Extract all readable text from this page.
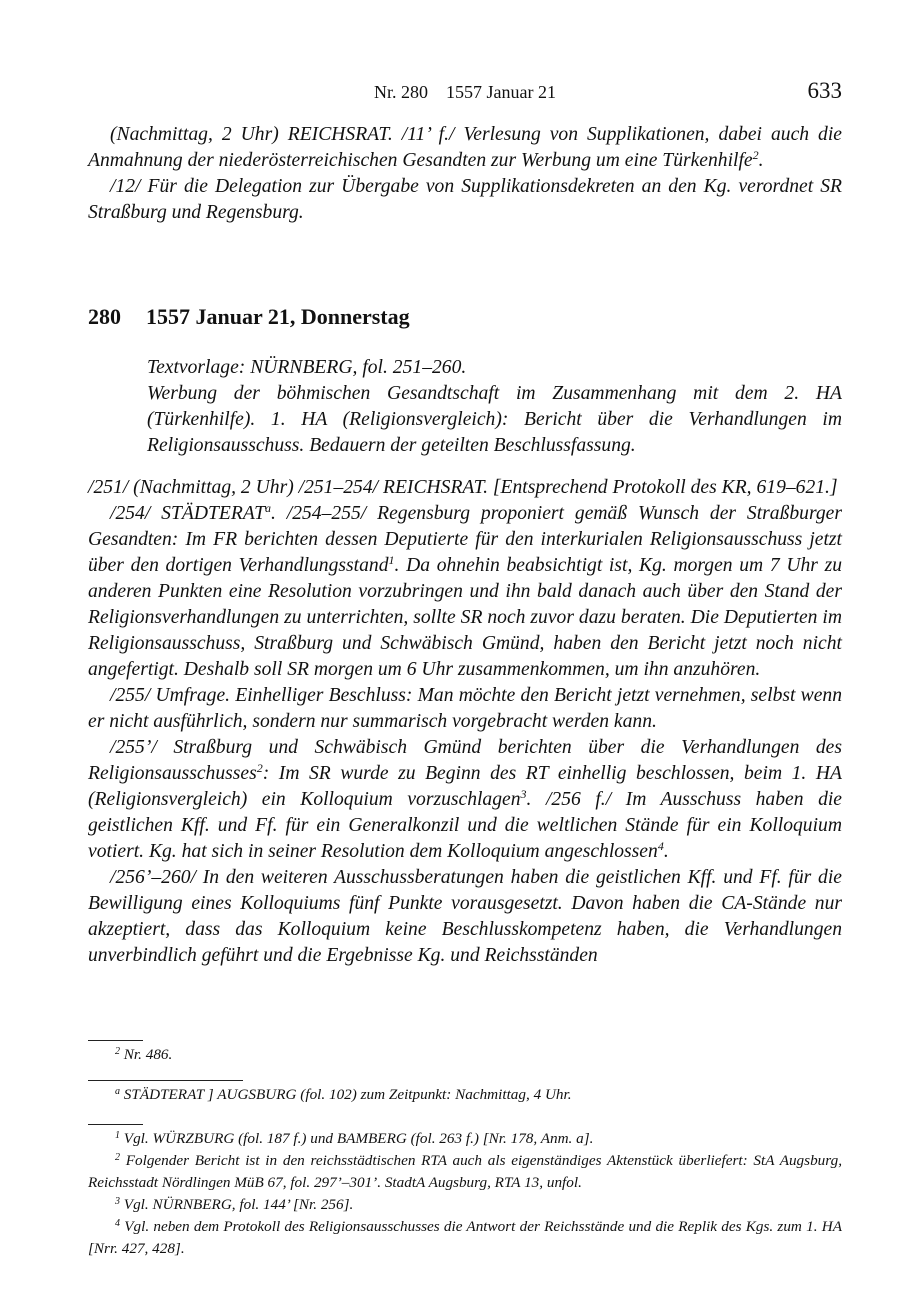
Nr. 280    1557 Januar 21	633

(Nachmittag, 2 Uhr) REICHSRAT. /11’ f./ Verlesung von Supplikationen, dabei auch die Anmahnung der niederösterreichischen Gesandten zur Werbung um eine Türkenhilfe$^2$.

/12/ Für die Delegation zur Übergabe von Supplikationsdekreten an den Kg. verordnet SR Straßburg und Regensburg.

280 1557 Januar 21, Donnerstag

Textvorlage: NÜRNBERG, fol. 251–260.

Werbung der böhmischen Gesandtschaft im Zusammenhang mit dem 2. HA (Türkenhilfe). 1. HA (Religionsvergleich): Bericht über die Verhandlungen im Religionsausschuss. Bedauern der geteilten Beschlussfassung.

/251/ (Nachmittag, 2 Uhr) /251–254/ REICHSRAT. [Entsprechend Protokoll des KR, 619–621.]

/254/ STÄDTERAT$^a$. /254–255/ Regensburg proponiert gemäß Wunsch der Straßburger Gesandten: Im FR berichten dessen Deputierte für den interkurialen Religionsausschuss jetzt über den dortigen Verhandlungsstand$^1$. Da ohnehin beabsichtigt ist, Kg. morgen um 7 Uhr zu anderen Punkten eine Resolution vorzubringen und ihn bald danach auch über den Stand der Religionsverhandlungen zu unterrichten, sollte SR noch zuvor dazu beraten. Die Deputierten im Religionsausschuss, Straßburg und Schwäbisch Gmünd, haben den Bericht jetzt noch nicht angefertigt. Deshalb soll SR morgen um 6 Uhr zusammenkommen, um ihn anzuhören.

/255/ Umfrage. Einhelliger Beschluss: Man möchte den Bericht jetzt vernehmen, selbst wenn er nicht ausführlich, sondern nur summarisch vorgebracht werden kann.

/255’/ Straßburg und Schwäbisch Gmünd berichten über die Verhandlungen des Religionsausschusses$^2$: Im SR wurde zu Beginn des RT einhellig beschlossen, beim 1. HA (Religionsvergleich) ein Kolloquium vorzuschlagen$^3$. /256 f./ Im Ausschuss haben die geistlichen Kff. und Ff. für ein Generalkonzil und die weltlichen Stände für ein Kolloquium votiert. Kg. hat sich in seiner Resolution dem Kolloquium angeschlossen$^4$.

/256’–260/ In den weiteren Ausschussberatungen haben die geistlichen Kff. und Ff. für die Bewilligung eines Kolloquiums fünf Punkte vorausgesetzt. Davon haben die CA-Stände nur akzeptiert, dass das Kolloquium keine Beschlusskompetenz haben, die Verhandlungen unverbindlich geführt und die Ergebnisse Kg. und Reichsständen

$^2$ Nr. 486.

$^a$ STÄDTERAT ] AUGSBURG (fol. 102) zum Zeitpunkt: Nachmittag, 4 Uhr.

$^1$ Vgl. WÜRZBURG (fol. 187 f.) und BAMBERG (fol. 263 f.) [Nr. 178, Anm. a].

$^2$ Folgender Bericht ist in den reichsstädtischen RTA auch als eigenständiges Aktenstück überliefert: StA Augsburg, Reichsstadt Nördlingen MüB 67, fol. 297’–301’. StadtA Augsburg, RTA 13, unfol.

$^3$ Vgl. NÜRNBERG, fol. 144’ [Nr. 256].

$^4$ Vgl. neben dem Protokoll des Religionsausschusses die Antwort der Reichsstände und die Replik des Kgs. zum 1. HA [Nrr. 427, 428].
